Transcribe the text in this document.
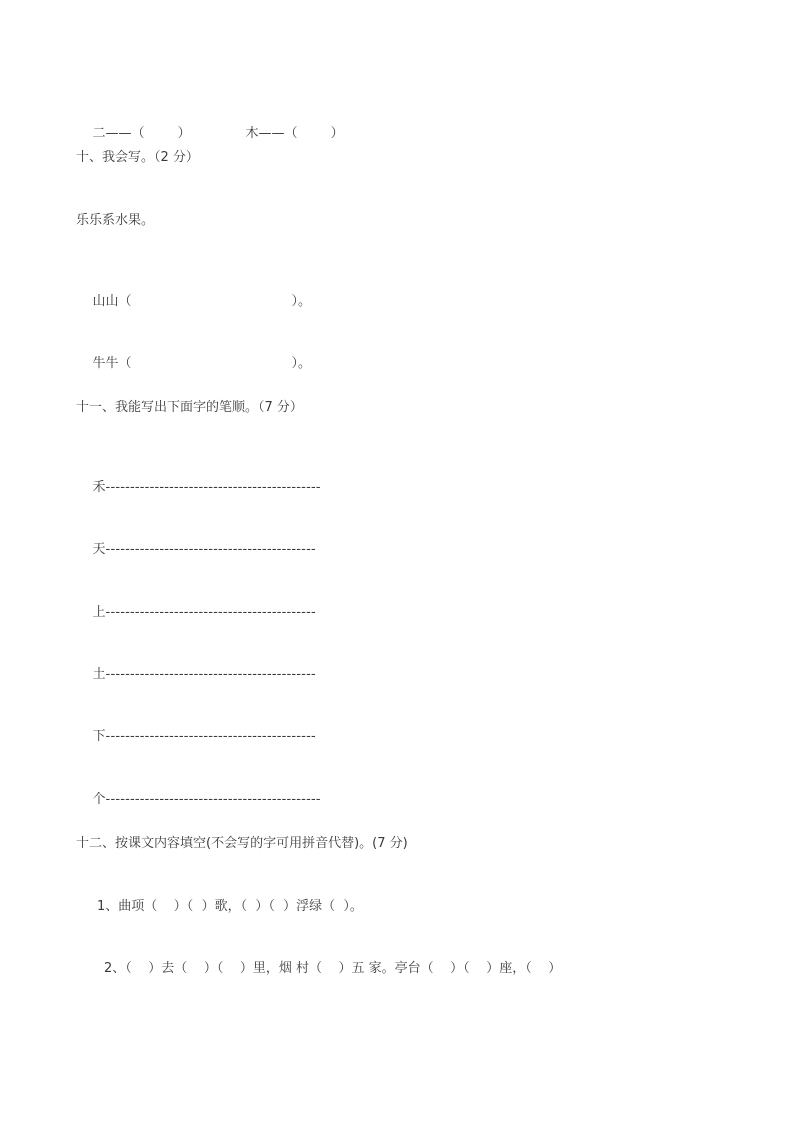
二——（        ）
	木——（        ）

十、我会写。（2 分）
乐乐系水果。

山山（	）。

牛牛（	）。

十一、我能写出下面字的笔顺。（7 分）

禾--------------------------------------------

天-------------------------------------------

上-------------------------------------------

土-------------------------------------------

下-------------------------------------------

个--------------------------------------------

十二、按课文内容填空(不会写的字可用拼音代替)。(7 分)
1、曲项（    ）（  ）歌，（  ）（  ）浮绿（  ）。
2、（    ）去（    ）（    ）里，烟 村（    ）五 家。亭台（    ）（    ）座，（    ）
